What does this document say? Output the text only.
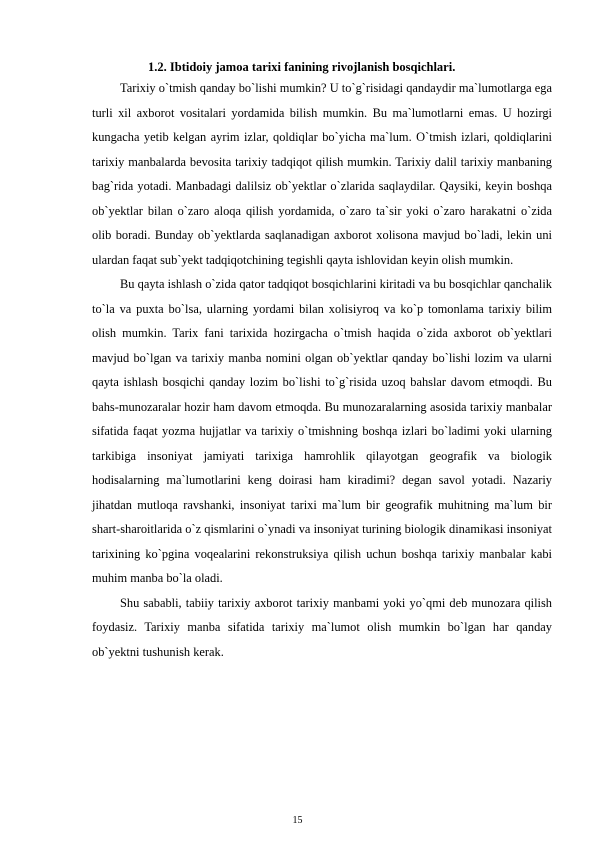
1.2. Ibtidoiy jamoa tarixi fanining rivojlanish bosqichlari.

Tarixiy o`tmish qanday bo`lishi mumkin? U to`g`risidagi qandaydir ma`lumotlarga ega turli xil axborot vositalari yordamida bilish mumkin. Bu ma`lumotlarni emas. U hozirgi kungacha yetib kelgan ayrim izlar, qoldiqlar bo`yicha ma`lum. O`tmish izlari, qoldiqlarini tarixiy manbalarda bevosita tarixiy tadqiqot qilish mumkin. Tarixiy dalil tarixiy manbaning bag`rida yotadi. Manbadagi dalilsiz ob`yektlar o`zlarida saqlaydilar. Qaysiki, keyin boshqa ob`yektlar bilan o`zaro aloqa qilish yordamida, o`zaro ta`sir yoki o`zaro harakatni o`zida olib boradi. Bunday ob`yektlarda saqlanadigan axborot xolisona mavjud bo`ladi, lekin uni ulardan faqat sub`yekt tadqiqotchining tegishli qayta ishlovidan keyin olish mumkin.

Bu qayta ishlash o`zida qator tadqiqot bosqichlarini kiritadi va bu bosqichlar qanchalik to`la va puxta bo`lsa, ularning yordami bilan xolisiyroq va ko`p tomonlama tarixiy bilim olish mumkin. Tarix fani tarixida hozirgacha o`tmish haqida o`zida axborot ob`yektlari mavjud bo`lgan va tarixiy manba nomini olgan ob`yektlar qanday bo`lishi lozim va ularni qayta ishlash bosqichi qanday lozim bo`lishi to`g`risida uzoq bahslar davom etmoqdi. Bu bahs-munozaralar hozir ham davom etmoqda. Bu munozaralarning asosida tarixiy manbalar sifatida faqat yozma hujjatlar va tarixiy o`tmishning boshqa izlari bo`ladimi yoki ularning tarkibiga insoniyat jamiyati tarixiga hamrohlik qilayotgan geografik va biologik hodisalarning ma`lumotlarini keng doirasi ham kiradimi? degan savol yotadi. Nazariy jihatdan mutloqa ravshanki, insoniyat tarixi ma`lum bir geografik muhitning ma`lum bir shart-sharoitlarida o`z qismlarini o`ynadi va insoniyat turining biologik dinamikasi insoniyat tarixining ko`pgina voqealarini rekonstruksiya qilish uchun boshqa tarixiy manbalar kabi muhim manba bo`la oladi.

Shu sababli, tabiiy tarixiy axborot tarixiy manbami yoki yo`qmi deb munozara qilish foydasiz. Tarixiy manba sifatida tarixiy ma`lumot olish mumkin bo`lgan har qanday ob`yektni tushunish kerak.

15
